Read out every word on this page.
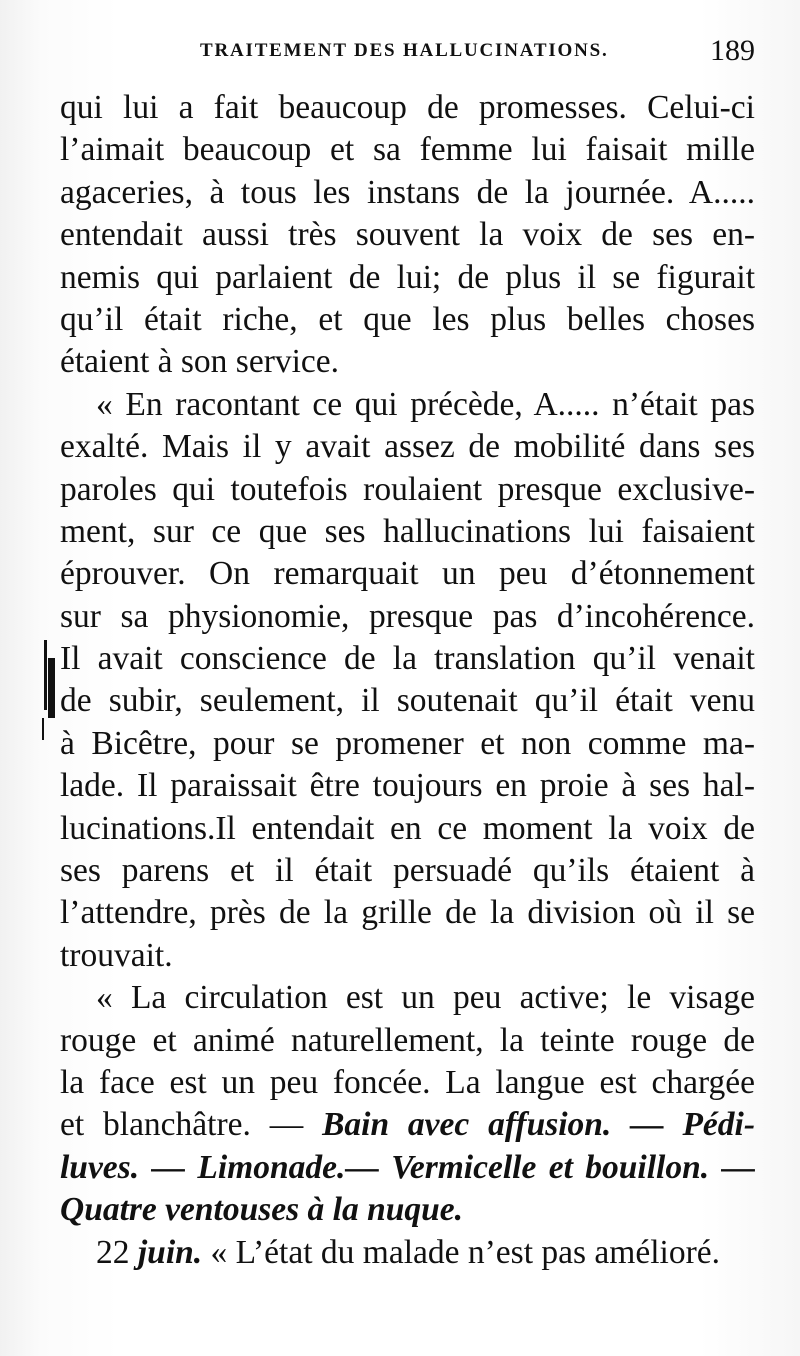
TRAITEMENT DES HALLUCINATIONS.	189
qui lui a fait beaucoup de promesses. Celui-ci
l’aimait beaucoup et sa femme lui faisait mille
agaceries, à tous les instans de la journée. A.....
entendait aussi très souvent la voix de ses en-
nemis qui parlaient de lui; de plus il se figurait
qu’il était riche, et que les plus belles choses
étaient à son service.
« En racontant ce qui précède, A..... n’était pas
exalté. Mais il y avait assez de mobilité dans ses
paroles qui toutefois roulaient presque exclusive-
ment, sur ce que ses hallucinations lui faisaient
éprouver. On remarquait un peu d’étonnement
sur sa physionomie, presque pas d’incohérence.
Il avait conscience de la translation qu’il venait
de subir, seulement, il soutenait qu’il était venu
à Bicêtre, pour se promener et non comme ma-
lade. Il paraissait être toujours en proie à ses hal-
lucinations.Il entendait en ce moment la voix de
ses parens et il était persuadé qu’ils étaient à
l’attendre, près de la grille de la division où il se
trouvait.
« La circulation est un peu active; le visage
rouge et animé naturellement, la teinte rouge de
la face est un peu foncée. La langue est chargée
et blanchâtre. — Bain avec affusion. — Pédi-
luves. — Limonade.— Vermicelle et bouillon. —
Quatre ventouses à la nuque.
22 juin. « L’état du malade n’est pas amélioré.
